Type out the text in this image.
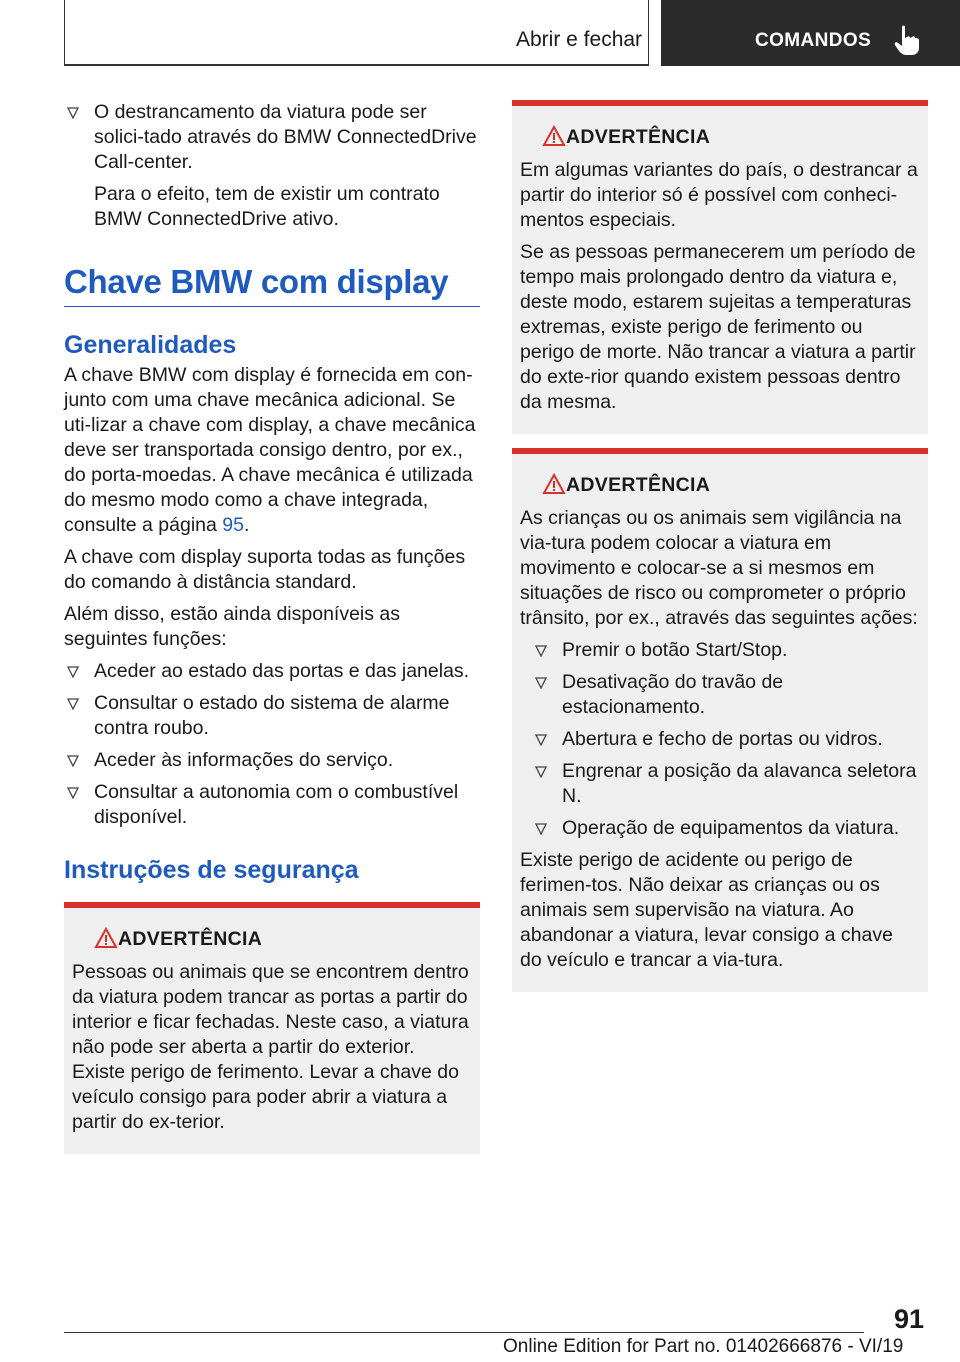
Abrir e fechar	COMANDOS
O destrancamento da viatura pode ser solici-tado através do BMW ConnectedDrive Call-center.

Para o efeito, tem de existir um contrato BMW ConnectedDrive ativo.

Chave BMW com display
Generalidades

A chave BMW com display é fornecida em con-junto com uma chave mecânica adicional. Se uti-lizar a chave com display, a chave mecânica deve ser transportada consigo dentro, por ex., do porta-moedas. A chave mecânica é utilizada do mesmo modo como a chave integrada, consulte a página 95.

A chave com display suporta todas as funções do comando à distância standard.

Além disso, estão ainda disponíveis as seguintes funções:

Aceder ao estado das portas e das janelas.
Consultar o estado do sistema de alarme contra roubo.
Aceder às informações do serviço.
Consultar a autonomia com o combustível disponível.
Instruções de segurança
ADVERTÊNCIA

Pessoas ou animais que se encontrem dentro da viatura podem trancar as portas a partir do interior e ficar fechadas. Neste caso, a viatura não pode ser aberta a partir do exterior. Existe perigo de ferimento. Levar a chave do veículo consigo para poder abrir a viatura a partir do ex-terior.

ADVERTÊNCIA

Em algumas variantes do país, o destrancar a partir do interior só é possível com conheci-mentos especiais.

Se as pessoas permanecerem um período de tempo mais prolongado dentro da viatura e, deste modo, estarem sujeitas a temperaturas extremas, existe perigo de ferimento ou perigo de morte. Não trancar a viatura a partir do exte-rior quando existem pessoas dentro da mesma.

ADVERTÊNCIA

As crianças ou os animais sem vigilância na via-tura podem colocar a viatura em movimento e colocar-se a si mesmos em situações de risco ou comprometer o próprio trânsito, por ex., através das seguintes ações:

Premir o botão Start/Stop.
Desativação do travão de estacionamento.
Abertura e fecho de portas ou vidros.
Engrenar a posição da alavanca seletora N.
Operação de equipamentos da viatura.

Existe perigo de acidente ou perigo de ferimen-tos. Não deixar as crianças ou os animais sem supervisão na viatura. Ao abandonar a viatura, levar consigo a chave do veículo e trancar a via-tura.

91
Online Edition for Part no. 01402666876 - VI/19
